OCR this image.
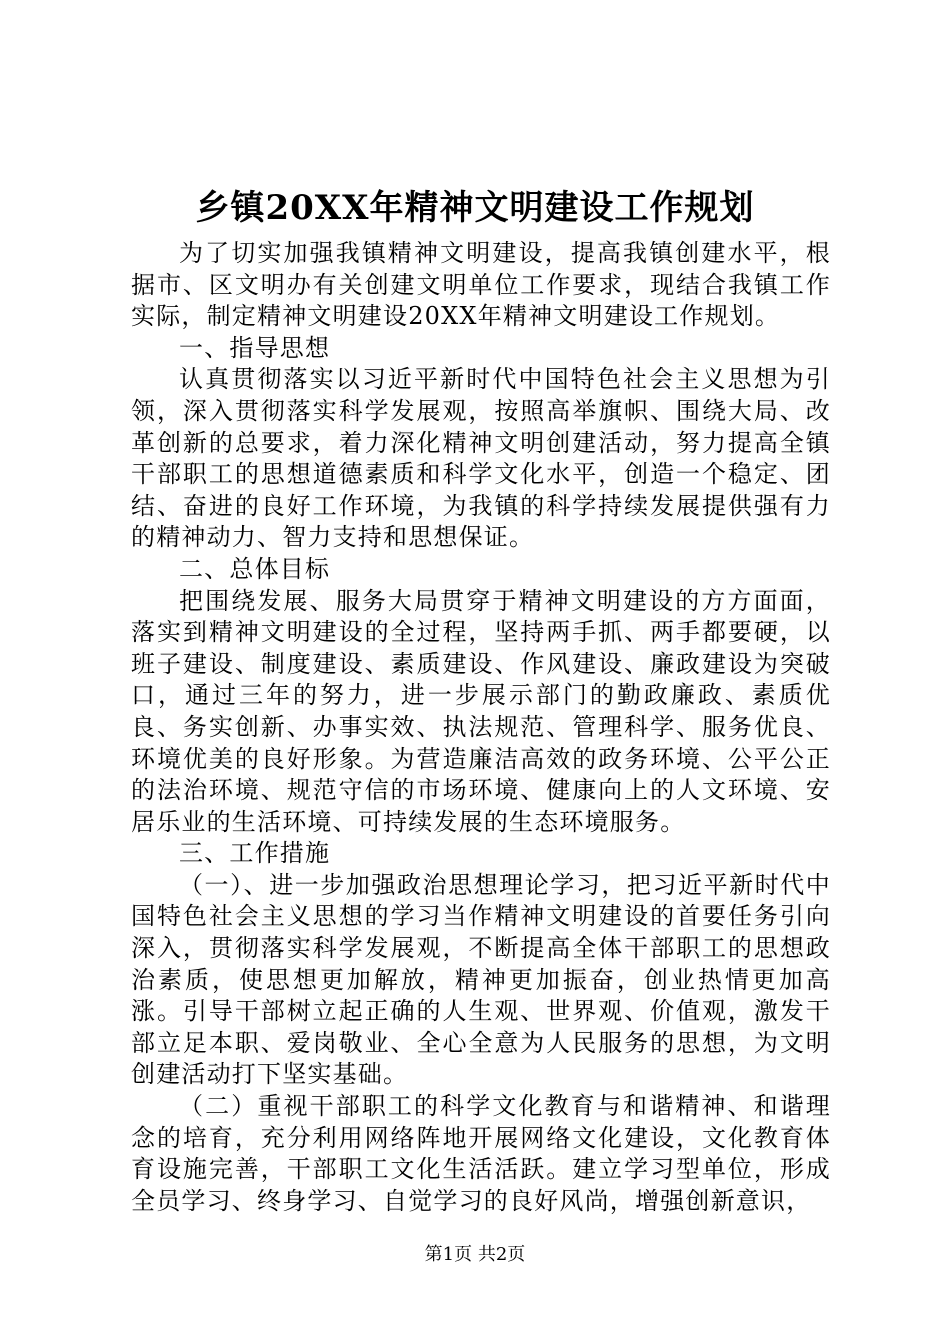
乡镇20XX年精神文明建设工作规划

为了切实加强我镇精神文明建设，提高我镇创建水平，根据市、区文明办有关创建文明单位工作要求，现结合我镇工作实际，制定精神文明建设20XX年精神文明建设工作规划。

一、指导思想

认真贯彻落实以习近平新时代中国特色社会主义思想为引领，深入贯彻落实科学发展观，按照高举旗帜、围绕大局、改革创新的总要求，着力深化精神文明创建活动，努力提高全镇干部职工的思想道德素质和科学文化水平，创造一个稳定、团结、奋进的良好工作环境，为我镇的科学持续发展提供强有力的精神动力、智力支持和思想保证。

二、总体目标

把围绕发展、服务大局贯穿于精神文明建设的方方面面，落实到精神文明建设的全过程，坚持两手抓、两手都要硬，以班子建设、制度建设、素质建设、作风建设、廉政建设为突破口，通过三年的努力，进一步展示部门的勤政廉政、素质优良、务实创新、办事实效、执法规范、管理科学、服务优良、环境优美的良好形象。为营造廉洁高效的政务环境、公平公正的法治环境、规范守信的市场环境、健康向上的人文环境、安居乐业的生活环境、可持续发展的生态环境服务。

三、工作措施

（一）、进一步加强政治思想理论学习，把习近平新时代中国特色社会主义思想的学习当作精神文明建设的首要任务引向深入，贯彻落实科学发展观，不断提高全体干部职工的思想政治素质，使思想更加解放，精神更加振奋，创业热情更加高涨。引导干部树立起正确的人生观、世界观、价值观，激发干部立足本职、爱岗敬业、全心全意为人民服务的思想，为文明创建活动打下坚实基础。

（二）重视干部职工的科学文化教育与和谐精神、和谐理念的培育，充分利用网络阵地开展网络文化建设，文化教育体育设施完善，干部职工文化生活活跃。建立学习型单位，形成全员学习、终身学习、自觉学习的良好风尚，增强创新意识，

第1页 共2页
